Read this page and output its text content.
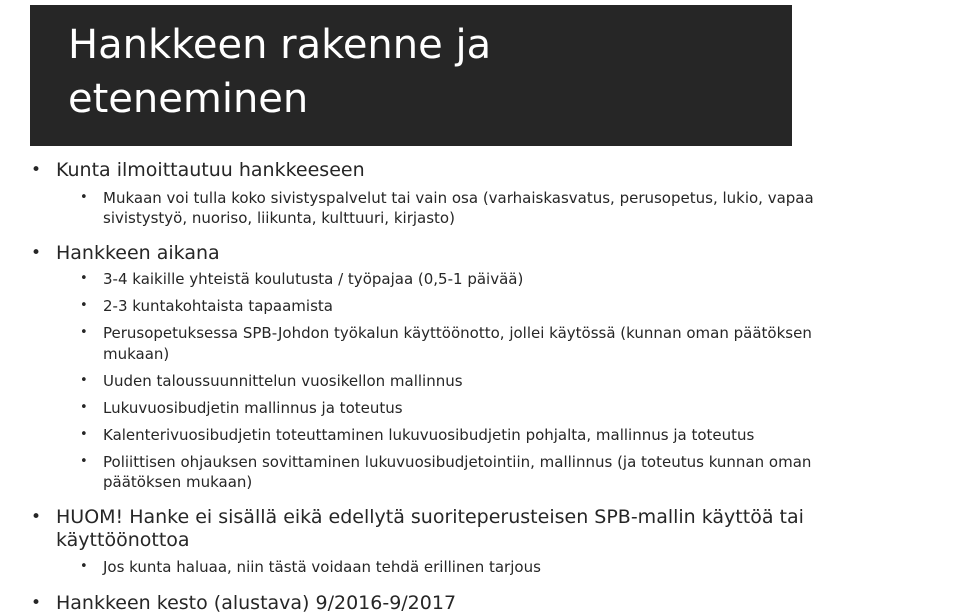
Hankkeen rakenne ja
eteneminen
• Kunta ilmoittautuu hankkeeseen
• Mukaan voi tulla koko sivistyspalvelut tai vain osa (varhaiskasvatus, perusopetus, lukio, vapaa
sivistystyö, nuoriso, liikunta, kulttuuri, kirjasto)
• Hankkeen aikana
• 3-4 kaikille yhteistä koulutusta / työpajaa (0,5-1 päivää)
• 2-3 kuntakohtaista tapaamista
• Perusopetuksessa SPB-Johdon työkalun käyttöönotto, jollei käytössä (kunnan oman päätöksen
mukaan)
• Uuden taloussuunnittelun vuosikellon mallinnus
• Lukuvuosibudjetin mallinnus ja toteutus
• Kalenterivuosibudjetin toteuttaminen lukuvuosibudjetin pohjalta, mallinnus ja toteutus
• Poliittisen ohjauksen sovittaminen lukuvuosibudjetointiin, mallinnus (ja toteutus kunnan oman
päätöksen mukaan)
• HUOM! Hanke ei sisällä eikä edellytä suoriteperusteisen SPB-mallin käyttöä tai
käyttöönottoa
• Jos kunta haluaa, niin tästä voidaan tehdä erillinen tarjous
• Hankkeen kesto (alustava) 9/2016-9/2017
